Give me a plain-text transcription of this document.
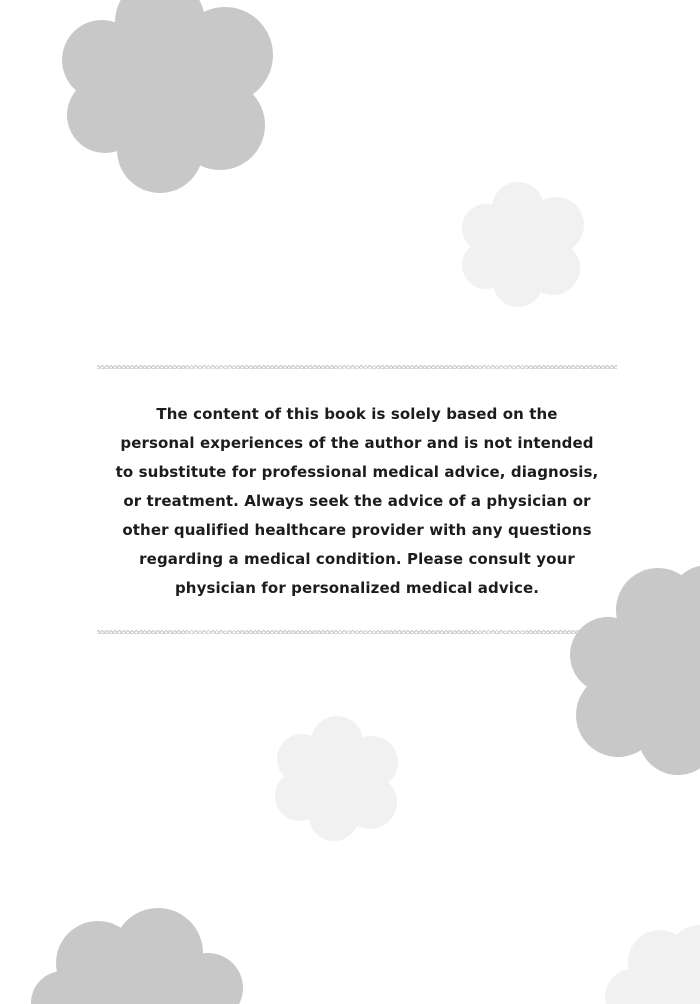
The content of this book is solely based on the
personal experiences of the author and is not intended
to substitute for professional medical advice, diagnosis,
or treatment. Always seek the advice of a physician or
other qualified healthcare provider with any questions
regarding a medical condition. Please consult your
physician for personalized medical advice.
